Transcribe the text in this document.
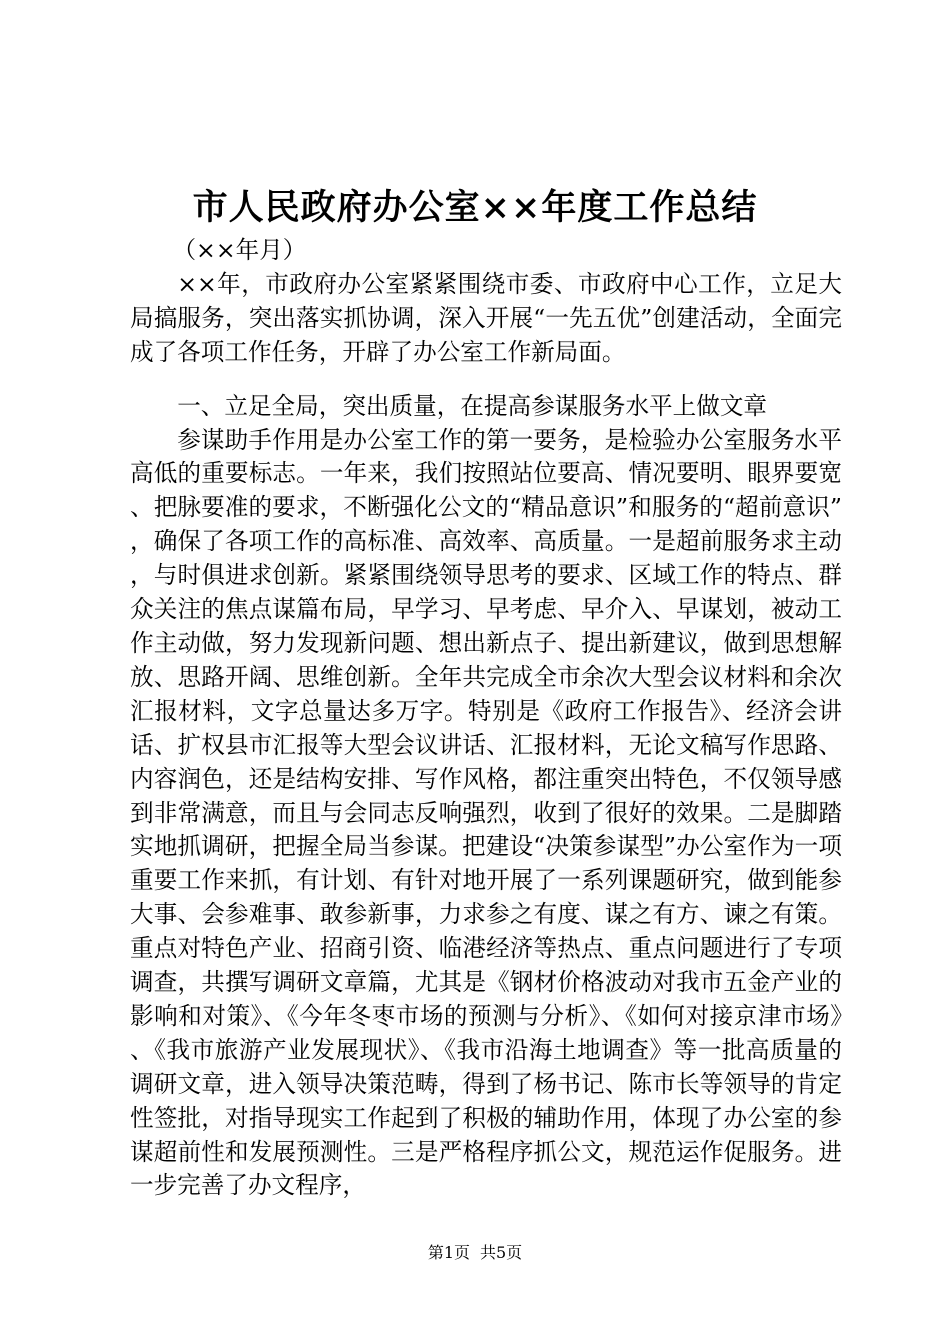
市人民政府办公室××年度工作总结

（××年月）

××年，市政府办公室紧紧围绕市委、市政府中心工作，立足大局搞服务，突出落实抓协调，深入开展“一先五优”创建活动，全面完成了各项工作任务，开辟了办公室工作新局面。

一、立足全局，突出质量，在提高参谋服务水平上做文章

参谋助手作用是办公室工作的第一要务，是检验办公室服务水平高低的重要标志。一年来，我们按照站位要高、情况要明、眼界要宽、把脉要准的要求，不断强化公文的“精品意识”和服务的“超前意识”，确保了各项工作的高标准、高效率、高质量。一是超前服务求主动，与时俱进求创新。紧紧围绕领导思考的要求、区域工作的特点、群众关注的焦点谋篇布局，早学习、早考虑、早介入、早谋划，被动工作主动做，努力发现新问题、想出新点子、提出新建议，做到思想解放、思路开阔、思维创新。全年共完成全市余次大型会议材料和余次汇报材料，文字总量达多万字。特别是《政府工作报告》、经济会讲话、扩权县市汇报等大型会议讲话、汇报材料，无论文稿写作思路、内容润色，还是结构安排、写作风格，都注重突出特色，不仅领导感到非常满意，而且与会同志反响强烈，收到了很好的效果。二是脚踏实地抓调研，把握全局当参谋。把建设“决策参谋型”办公室作为一项重要工作来抓，有计划、有针对地开展了一系列课题研究，做到能参大事、会参难事、敢参新事，力求参之有度、谋之有方、谏之有策。重点对特色产业、招商引资、临港经济等热点、重点问题进行了专项调查，共撰写调研文章篇，尤其是《钢材价格波动对我市五金产业的影响和对策》、《今年冬枣市场的预测与分析》、《如何对接京津市场》、《我市旅游产业发展现状》、《我市沿海土地调查》等一批高质量的调研文章，进入领导决策范畴，得到了杨书记、陈市长等领导的肯定性签批，对指导现实工作起到了积极的辅助作用，体现了办公室的参谋超前性和发展预测性。三是严格程序抓公文，规范运作促服务。进一步完善了办文程序，

第1页 共5页
